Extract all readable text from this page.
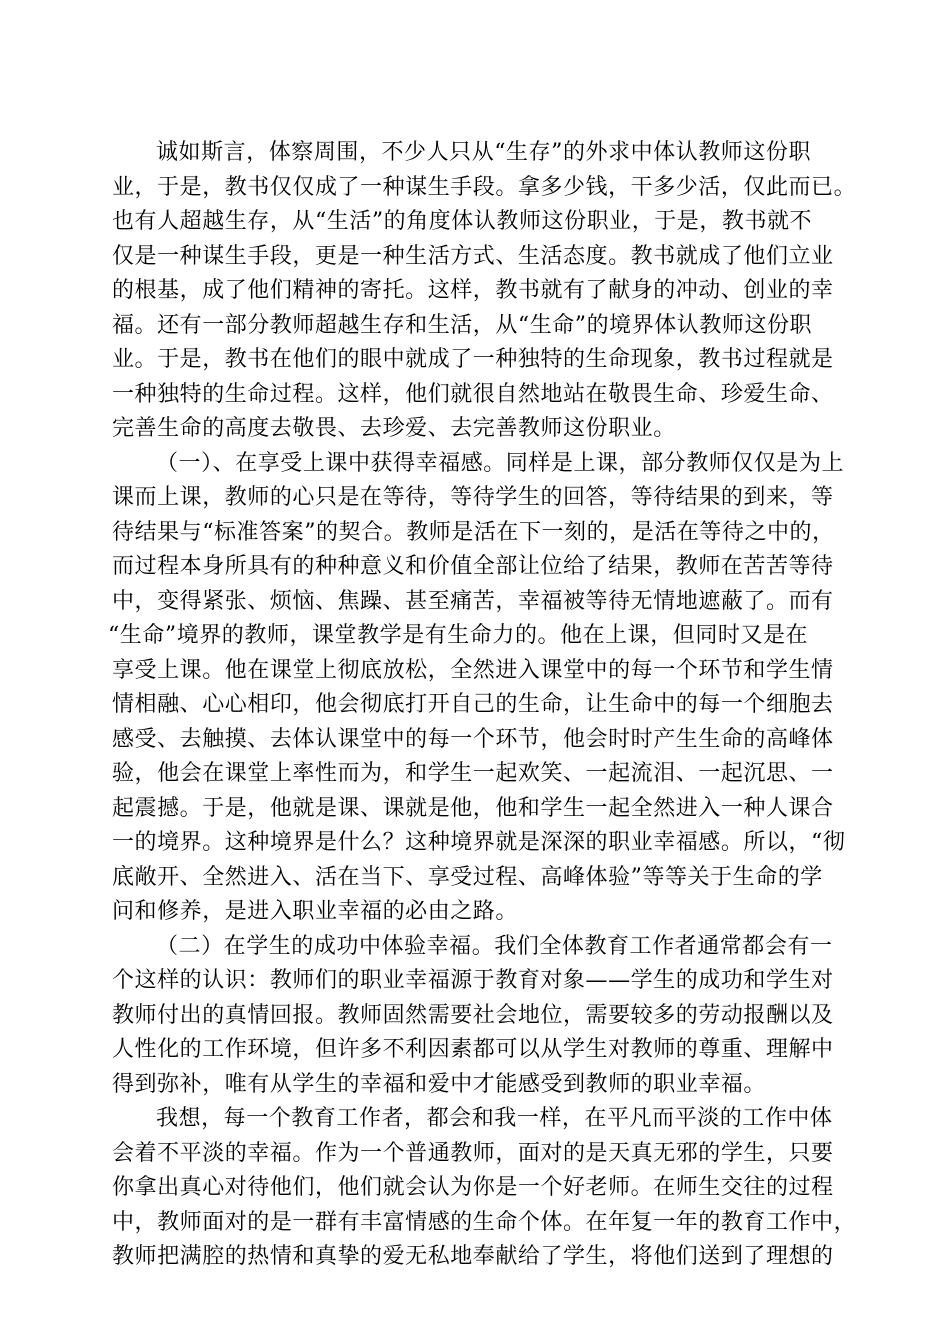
诚如斯言，体察周围，不少人只从“生存”的外求中体认教师这份职
业，于是，教书仅仅成了一种谋生手段。拿多少钱，干多少活，仅此而已。
也有人超越生存，从“生活”的角度体认教师这份职业，于是，教书就不
仅是一种谋生手段，更是一种生活方式、生活态度。教书就成了他们立业
的根基，成了他们精神的寄托。这样，教书就有了献身的冲动、创业的幸
福。还有一部分教师超越生存和生活，从“生命”的境界体认教师这份职
业。于是，教书在他们的眼中就成了一种独特的生命现象，教书过程就是
一种独特的生命过程。这样，他们就很自然地站在敬畏生命、珍爱生命、
完善生命的高度去敬畏、去珍爱、去完善教师这份职业。
（一）、在享受上课中获得幸福感。同样是上课，部分教师仅仅是为上
课而上课，教师的心只是在等待，等待学生的回答，等待结果的到来，等
待结果与“标准答案”的契合。教师是活在下一刻的，是活在等待之中的，
而过程本身所具有的种种意义和价值全部让位给了结果，教师在苦苦等待
中，变得紧张、烦恼、焦躁、甚至痛苦，幸福被等待无情地遮蔽了。而有
“生命”境界的教师，课堂教学是有生命力的。他在上课，但同时又是在
享受上课。他在课堂上彻底放松，全然进入课堂中的每一个环节和学生情
情相融、心心相印，他会彻底打开自己的生命，让生命中的每一个细胞去
感受、去触摸、去体认课堂中的每一个环节，他会时时产生生命的高峰体
验，他会在课堂上率性而为，和学生一起欢笑、一起流泪、一起沉思、一
起震撼。于是，他就是课、课就是他，他和学生一起全然进入一种人课合
一的境界。这种境界是什么？这种境界就是深深的职业幸福感。所以，“彻
底敞开、全然进入、活在当下、享受过程、高峰体验”等等关于生命的学
问和修养，是进入职业幸福的必由之路。
（二）在学生的成功中体验幸福。我们全体教育工作者通常都会有一
个这样的认识：教师们的职业幸福源于教育对象——学生的成功和学生对
教师付出的真情回报。教师固然需要社会地位，需要较多的劳动报酬以及
人性化的工作环境，但许多不利因素都可以从学生对教师的尊重、理解中
得到弥补，唯有从学生的幸福和爱中才能感受到教师的职业幸福。
我想，每一个教育工作者，都会和我一样，在平凡而平淡的工作中体
会着不平淡的幸福。作为一个普通教师，面对的是天真无邪的学生，只要
你拿出真心对待他们，他们就会认为你是一个好老师。在师生交往的过程
中，教师面对的是一群有丰富情感的生命个体。在年复一年的教育工作中，
教师把满腔的热情和真挚的爱无私地奉献给了学生，将他们送到了理想的
